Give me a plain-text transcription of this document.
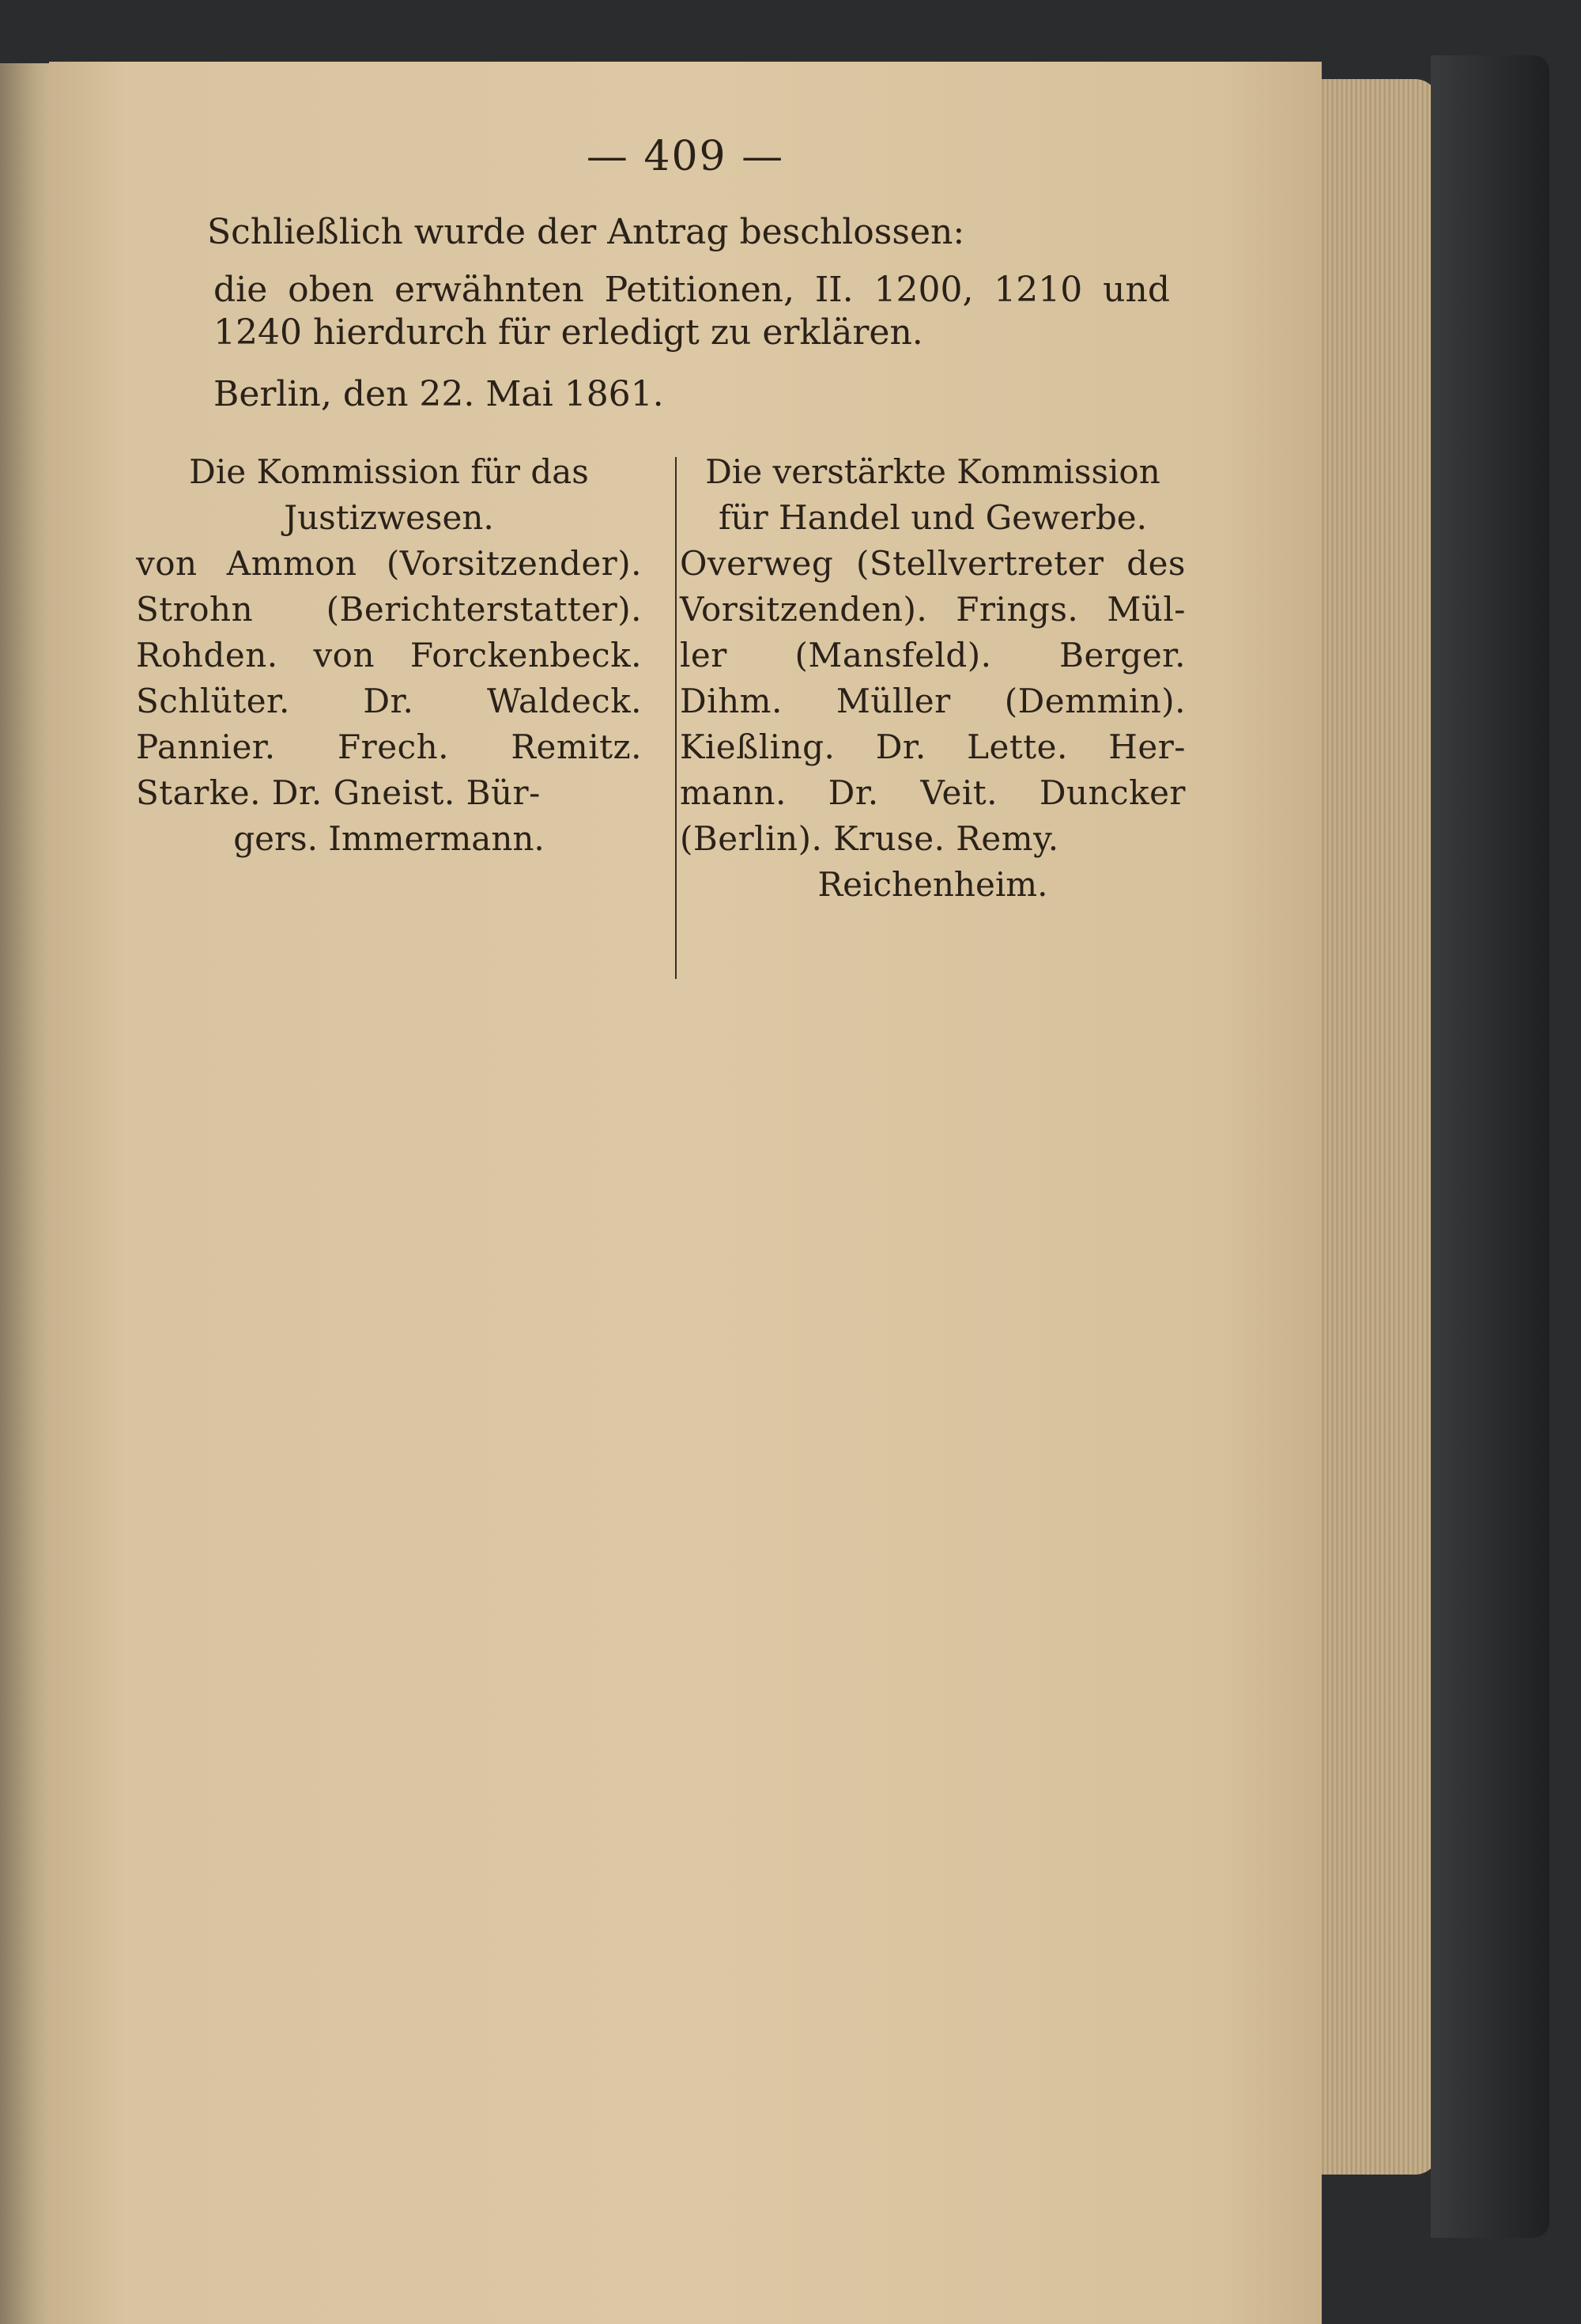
— 409 —
Schließlich wurde der Antrag beschlossen:
die oben erwähnten Petitionen, II. 1200, 1210 und 1240 hierdurch für erledigt zu erklären.
Berlin, den 22. Mai 1861.
Die Kommission für das Justizwesen.
von Ammon (Vorsitzender). Strohn (Berichterstatter). Rohden. von Forckenbeck. Schlüter. Dr. Waldeck. Pannier. Frech. Remitz. Starke. Dr. Gneist. Bür-
gers. Immermann.
Die verstärkte Kommission für Handel und Gewerbe.
Overweg (Stellvertreter des Vorsitzenden). Frings. Mül- ler (Mansfeld). Berger. Dihm. Müller (Demmin). Kießling. Dr. Lette. Her- mann. Dr. Veit. Duncker (Berlin). Kruse. Remy.
Reichenheim.
